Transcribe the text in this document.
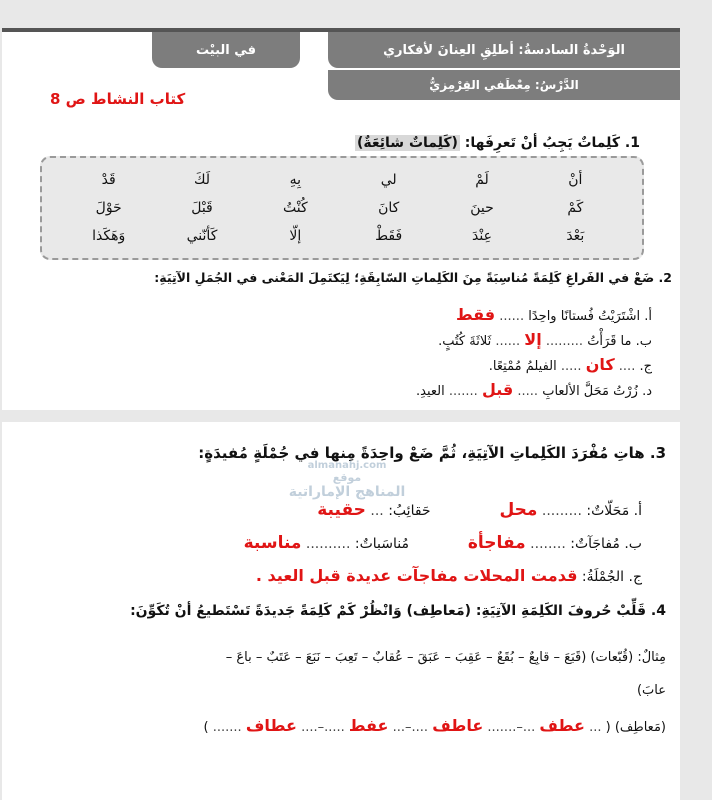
الوَحْدةُ السادسةُ: أطلِقِ العِنانَ لأفكاري
في البيْت
الدَّرْسُ: مِعْطَفي القِرْمِزيُّ
كتاب النشاط ص 8
1. كَلِماتٌ يَجِبُ أنْ تَعرِفَها: (كَلِماتٌ شائِعَةٌ)
أنْ
لَمْ
لي
بِهِ
لَكَ
قَدْ
كَمْ
حينَ
كانَ
كُنْتُ
قَبْلَ
حَوْلَ
بَعْدَ
عِنْدَ
فَقَطْ
إلّا
كَأنّني
وَهَكَذا
2. ضَعْ في الفَراغِ كَلِمَةً مُناسِبَةً مِنَ الكَلِماتِ السّابِقَةِ؛ لِيَكتَمِلَ المَعْنى في الجُمَلِ الآتِيَةِ:
أ. اشْتَرَيْتُ فُستانًا واحِدًا ...... فقط
ب. ما قَرَأْتُ ......... إلا ...... ثَلاثَةَ كُتُبٍ.
ج. .... كان ..... الفيلمُ مُمْتِعًا.
د. زُرْتُ مَحَلَّ الألعابِ ..... قبل ....... العيدِ.
almanahj.com
موقع
المناهج الإماراتية
3. هاتِ مُفْرَدَ الكَلِماتِ الآتِيَةِ، ثُمَّ ضَعْ واحِدَةً مِنها في جُمْلَةٍ مُفيدَةٍ:
أ. مَحَلّاتٌ: ......... محل  حَقائِبُ: ... حقيبة
ب. مُفاجَآتٌ: ........ مفاجأة  مُناسَباتٌ: .......... مناسبة
ج. الجُمْلَةُ: قدمت المحلات مفاجآت عديدة قبل العيد .
4. قَلِّبْ حُروفَ الكَلِمَةِ الآتِيَةِ: (مَعاطِف) وَانْظُرْ كَمْ كَلِمَةً جَديدَةً تَسْتَطيعُ أنْ تُكَوِّنَ:
مِثالٌ: (قُبّعات) (قَبَعَ – قابِعٌ – بُقَعٌ – عَقِبَ – عَبَقَ – عُقابٌ – تَعِبَ – نَبَعَ – عَتَبٌ – باعَ –
عابَ)
(مَعاطِف) ( ... عطف ...–....... عاطف ....–... عفط .....–.... عطاف ....... )
